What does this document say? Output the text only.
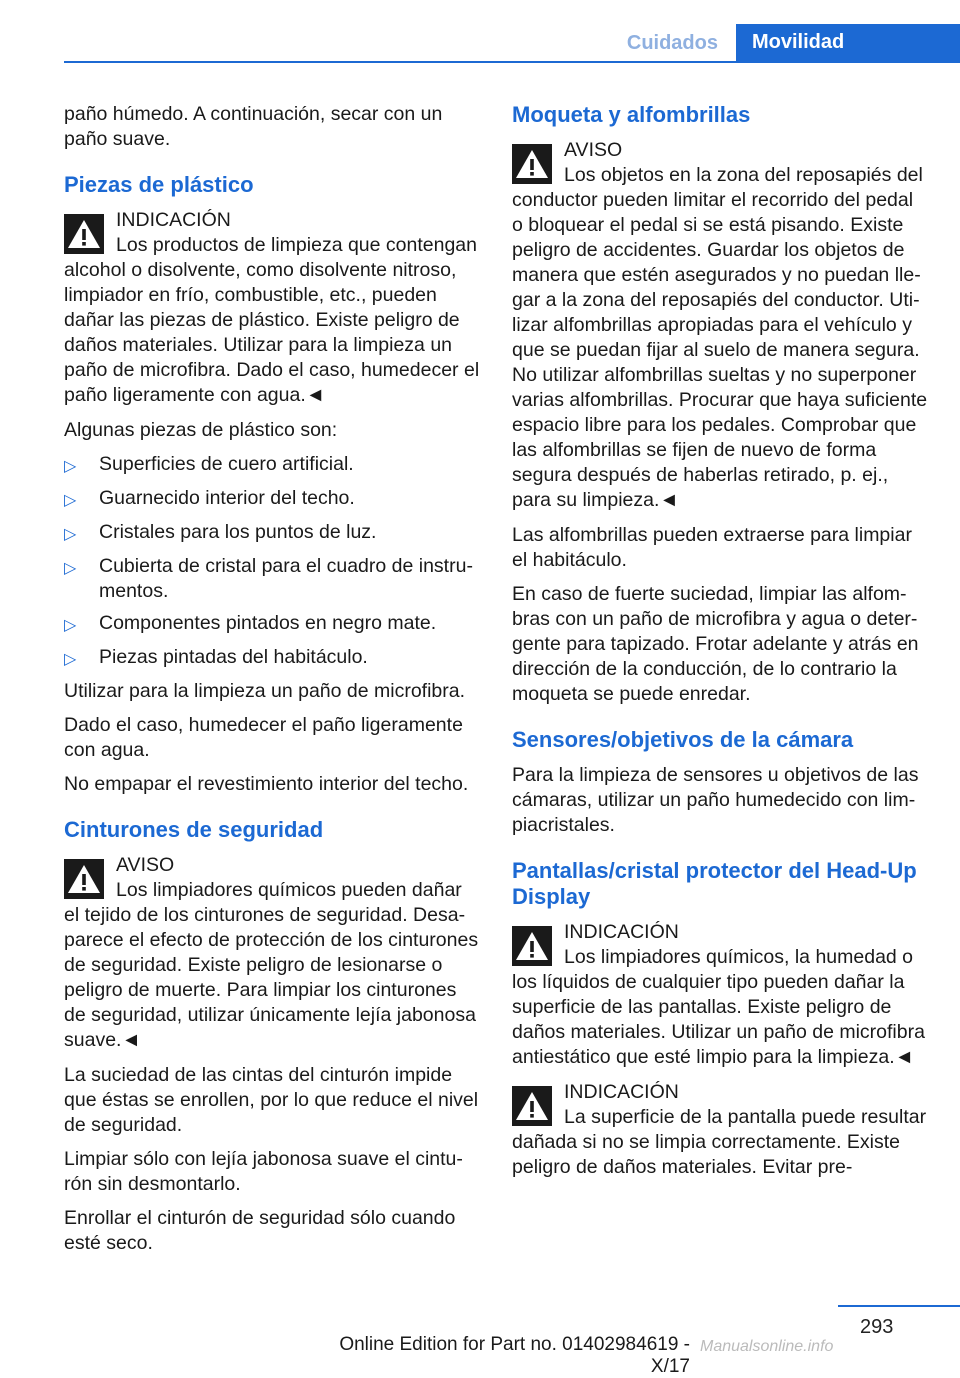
Cuidados	Movilidad

paño húmedo. A continuación, secar con un paño suave.

Piezas de plástico
INDICACIÓN
Los productos de limpieza que contengan alcohol o disolvente, como disolvente nitroso, limpiador en frío, combustible, etc., pueden dañar las piezas de plástico. Existe peligro de daños materiales. Utilizar para la limpieza un paño de microfibra. Dado el caso, humedecer el paño ligeramente con agua.◄

Algunas piezas de plástico son:

▷	Superficies de cuero artificial.
▷	Guarnecido interior del techo.
▷	Cristales para los puntos de luz.
▷	Cubierta de cristal para el cuadro de instrumentos.
▷	Componentes pintados en negro mate.
▷	Piezas pintadas del habitáculo.

Utilizar para la limpieza un paño de microfibra.

Dado el caso, humedecer el paño ligeramente con agua.

No empapar el revestimiento interior del techo.

Cinturones de seguridad
AVISO
Los limpiadores químicos pueden dañar el tejido de los cinturones de seguridad. Desaparece el efecto de protección de los cinturones de seguridad. Existe peligro de lesionarse o peligro de muerte. Para limpiar los cinturones de seguridad, utilizar únicamente lejía jabonosa suave.◄

La suciedad de las cintas del cinturón impide que éstas se enrollen, por lo que reduce el nivel de seguridad.

Limpiar sólo con lejía jabonosa suave el cinturón sin desmontarlo.

Enrollar el cinturón de seguridad sólo cuando esté seco.

Moqueta y alfombrillas
AVISO
Los objetos en la zona del reposapiés del conductor pueden limitar el recorrido del pedal o bloquear el pedal si se está pisando. Existe peligro de accidentes. Guardar los objetos de manera que estén asegurados y no puedan llegar a la zona del reposapiés del conductor. Utilizar alfombrillas apropiadas para el vehículo y que se puedan fijar al suelo de manera segura. No utilizar alfombrillas sueltas y no superponer varias alfombrillas. Procurar que haya suficiente espacio libre para los pedales. Comprobar que las alfombrillas se fijen de nuevo de forma segura después de haberlas retirado, p. ej., para su limpieza.◄

Las alfombrillas pueden extraerse para limpiar el habitáculo.

En caso de fuerte suciedad, limpiar las alfombras con un paño de microfibra y agua o detergente para tapizado. Frotar adelante y atrás en dirección de la conducción, de lo contrario la moqueta se puede enredar.

Sensores/objetivos de la cámara

Para la limpieza de sensores u objetivos de las cámaras, utilizar un paño humedecido con limpiacristales.

Pantallas/cristal protector del Head-Up Display
INDICACIÓN
Los limpiadores químicos, la humedad o los líquidos de cualquier tipo pueden dañar la superficie de las pantallas. Existe peligro de daños materiales. Utilizar un paño de microfibra antiestático que esté limpio para la limpieza.◄
INDICACIÓN
La superficie de la pantalla puede resultar dañada si no se limpia correctamente. Existe peligro de daños materiales. Evitar pre-
293
Online Edition for Part no. 01402984619 - X/17
Manualsonline.info
